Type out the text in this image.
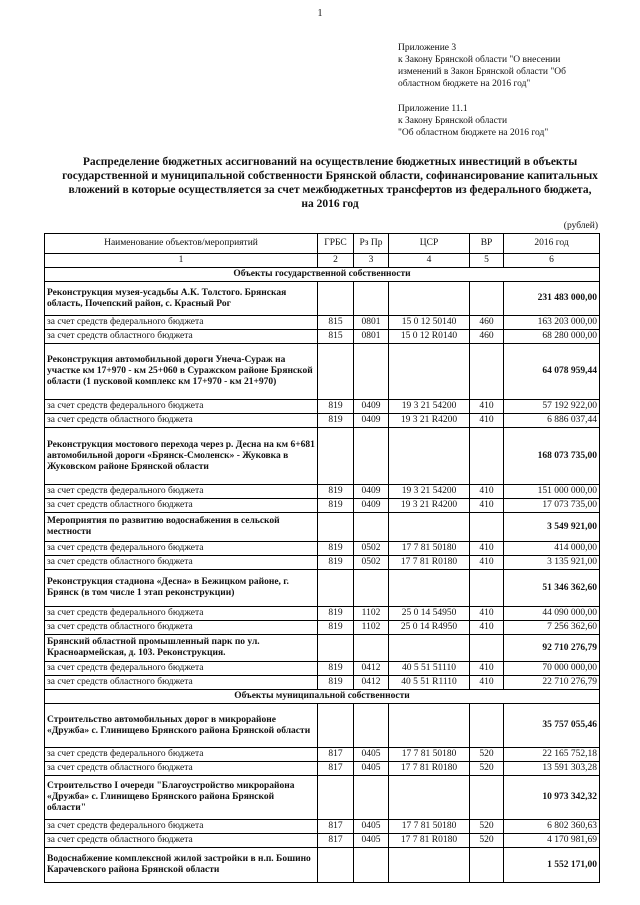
1
Приложение 3
к Закону Брянской области "О внесении
изменений в Закон Брянской области "Об
областном бюджете на 2016 год"
Приложение 11.1
к Закону Брянской области
"Об областном бюджете на 2016 год"
Распределение бюджетных ассигнований на осуществление бюджетных инвестиций в объекты
государственной и муниципальной собственности Брянской области, софинансирование капитальных
вложений в которые осуществляется за счет межбюджетных трансфертов из федерального бюджета,
на 2016 год
(рублей)
Наименование объектов/мероприятий	ГРБС	Рз Пр	ЦСР	ВР	2016 год
1	2	3	4	5	6
Объекты государственной собственности					
Реконструкция музея-усадьбы А.К. Толстого. Брянская область, Почепский район, с. Красный Рог					231 483 000,00
за счет средств федерального бюджета	815	0801	15 0 12 50140	460	163 203 000,00
за счет средств областного бюджета	815	0801	15 0 12 R0140	460	68 280 000,00
Реконструкция автомобильной дороги Унеча-Сураж на участке км 17+970 - км 25+060 в Суражском районе Брянской области (1 пусковой комплекс км 17+970 - км 21+970)					64 078 959,44
за счет средств федерального бюджета	819	0409	19 3 21 54200	410	57 192 922,00
за счет средств областного бюджета	819	0409	19 3 21 R4200	410	6 886 037,44
Реконструкция мостового перехода через р. Десна на км 6+681 автомобильной дороги «Брянск-Смоленск» - Жуковка в Жуковском районе Брянской области					168 073 735,00
за счет средств федерального бюджета	819	0409	19 3 21 54200	410	151 000 000,00
за счет средств областного бюджета	819	0409	19 3 21 R4200	410	17 073 735,00
Мероприятия по развитию водоснабжения в сельской местности					3 549 921,00
за счет средств федерального бюджета	819	0502	17 7 81 50180	410	414 000,00
за счет средств областного бюджета	819	0502	17 7 81 R0180	410	3 135 921,00
Реконструкция стадиона «Десна» в Бежицком районе, г. Брянск (в том числе 1 этап реконструкции)					51 346 362,60
за счет средств федерального бюджета	819	1102	25 0 14 54950	410	44 090 000,00
за счет средств областного бюджета	819	1102	25 0 14 R4950	410	7 256 362,60
Брянский областной промышленный парк по ул. Красноармейская, д. 103. Реконструкция.					92 710 276,79
за счет средств федерального бюджета	819	0412	40 5 51 51110	410	70 000 000,00
за счет средств областного бюджета	819	0412	40 5 51 R1110	410	22 710 276,79
Объекты муниципальной собственности					
Строительство автомобильных дорог в микрорайоне «Дружба» с. Глинищево Брянского района Брянской области					35 757 055,46
за счет средств федерального бюджета	817	0405	17 7 81 50180	520	22 165 752,18
за счет средств областного бюджета	817	0405	17 7 81 R0180	520	13 591 303,28
Строительство I очереди "Благоустройство микрорайона «Дружба» с. Глинищево Брянского района Брянской области"					10 973 342,32
за счет средств федерального бюджета	817	0405	17 7 81 50180	520	6 802 360,63
за счет средств областного бюджета	817	0405	17 7 81 R0180	520	4 170 981,69
Водоснабжение комплексной жилой застройки в н.п. Бошино Карачевского района Брянской области					1 552 171,00
